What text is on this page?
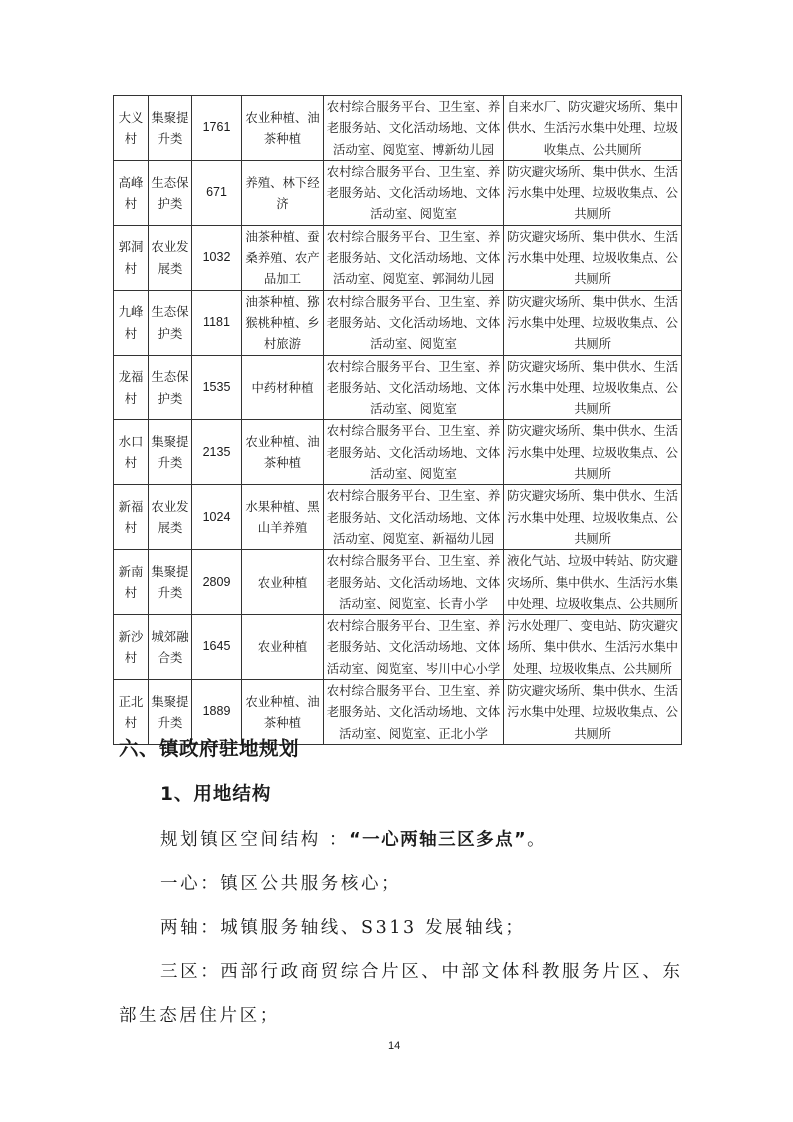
大义村	集聚提升类	1761	农业种植、油茶种植	农村综合服务平台、卫生室、养老服务站、文化活动场地、文体活动室、阅览室、博新幼儿园	自来水厂、防灾避灾场所、集中供水、生活污水集中处理、垃圾收集点、公共厕所

高峰村	生态保护类	671	养殖、林下经济	农村综合服务平台、卫生室、养老服务站、文化活动场地、文体活动室、阅览室	防灾避灾场所、集中供水、生活污水集中处理、垃圾收集点、公共厕所

郭洞村	农业发展类	1032	油茶种植、蚕桑养殖、农产品加工	农村综合服务平台、卫生室、养老服务站、文化活动场地、文体活动室、阅览室、郭洞幼儿园	防灾避灾场所、集中供水、生活污水集中处理、垃圾收集点、公共厕所

九峰村	生态保护类	1181	油茶种植、猕猴桃种植、乡村旅游	农村综合服务平台、卫生室、养老服务站、文化活动场地、文体活动室、阅览室	防灾避灾场所、集中供水、生活污水集中处理、垃圾收集点、公共厕所

龙福村	生态保护类	1535	中药材种植	农村综合服务平台、卫生室、养老服务站、文化活动场地、文体活动室、阅览室	防灾避灾场所、集中供水、生活污水集中处理、垃圾收集点、公共厕所

水口村	集聚提升类	2135	农业种植、油茶种植	农村综合服务平台、卫生室、养老服务站、文化活动场地、文体活动室、阅览室	防灾避灾场所、集中供水、生活污水集中处理、垃圾收集点、公共厕所

新福村	农业发展类	1024	水果种植、黑山羊养殖	农村综合服务平台、卫生室、养老服务站、文化活动场地、文体活动室、阅览室、新福幼儿园	防灾避灾场所、集中供水、生活污水集中处理、垃圾收集点、公共厕所

新南村	集聚提升类	2809	农业种植	农村综合服务平台、卫生室、养老服务站、文化活动场地、文体活动室、阅览室、长青小学	液化气站、垃圾中转站、防灾避灾场所、集中供水、生活污水集中处理、垃圾收集点、公共厕所

新沙村	城郊融合类	1645	农业种植	农村综合服务平台、卫生室、养老服务站、文化活动场地、文体活动室、阅览室、岑川中心小学	污水处理厂、变电站、防灾避灾场所、集中供水、生活污水集中处理、垃圾收集点、公共厕所

正北村	集聚提升类	1889	农业种植、油茶种植	农村综合服务平台、卫生室、养老服务站、文化活动场地、文体活动室、阅览室、正北小学	防灾避灾场所、集中供水、生活污水集中处理、垃圾收集点、公共厕所
六、镇政府驻地规划
1、用地结构

规划镇区空间结构 ：“一心两轴三区多点”。

一心：镇区公共服务核心；

两轴：城镇服务轴线、S313 发展轴线；

三区：西部行政商贸综合片区、中部文体科教服务片区、东

部生态居住片区；

14
